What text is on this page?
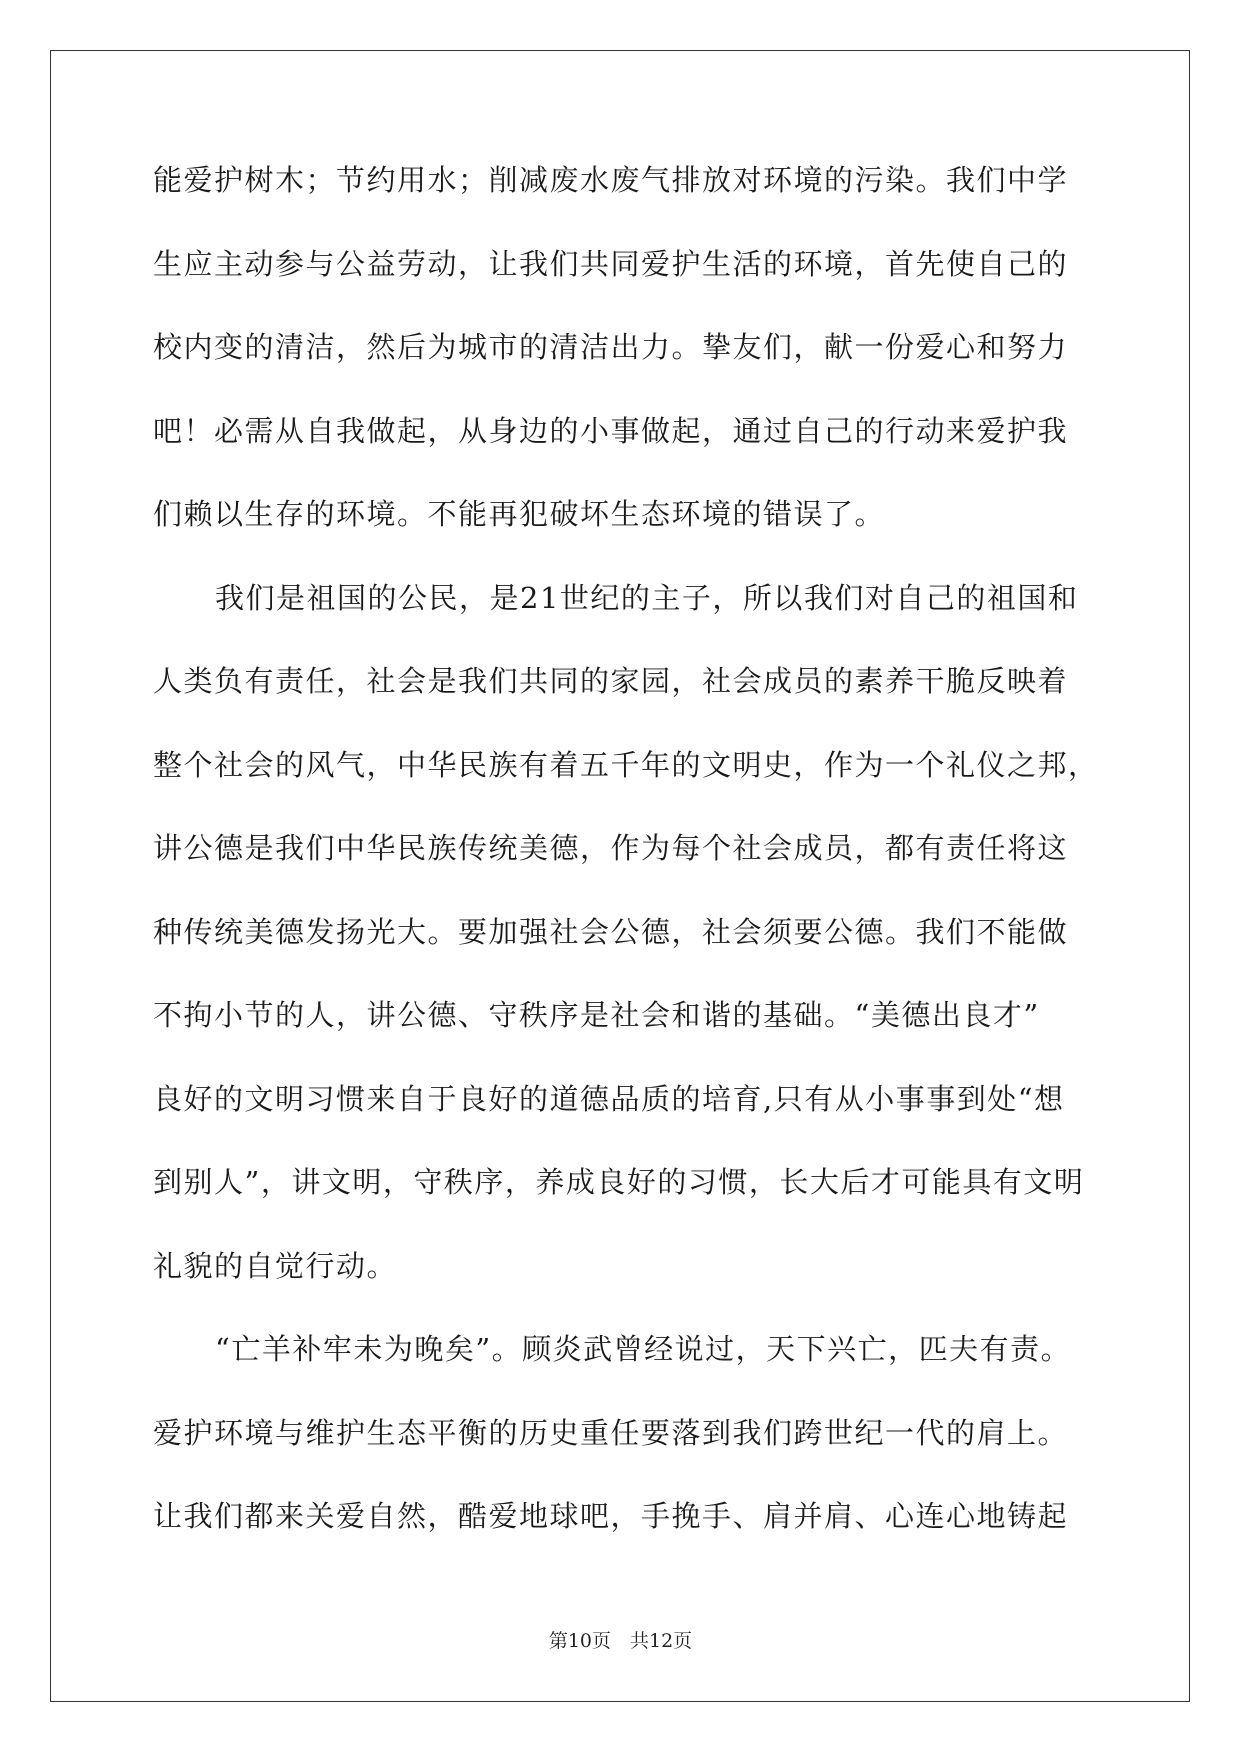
能爱护树木；节约用水；削减废水废气排放对环境的污染。我们中学
生应主动参与公益劳动，让我们共同爱护生活的环境，首先使自己的
校内变的清洁，然后为城市的清洁出力。挚友们，献一份爱心和努力
吧！必需从自我做起，从身边的小事做起，通过自己的行动来爱护我
们赖以生存的环境。不能再犯破坏生态环境的错误了。
我们是祖国的公民，是21世纪的主子，所以我们对自己的祖国和
人类负有责任，社会是我们共同的家园，社会成员的素养干脆反映着
整个社会的风气，中华民族有着五千年的文明史，作为一个礼仪之邦，
讲公德是我们中华民族传统美德，作为每个社会成员，都有责任将这
种传统美德发扬光大。要加强社会公德，社会须要公德。我们不能做
不拘小节的人，讲公德、守秩序是社会和谐的基础。“美德出良才”
良好的文明习惯来自于良好的道德品质的培育,只有从小事事到处“想
到别人”，讲文明，守秩序，养成良好的习惯，长大后才可能具有文明
礼貌的自觉行动。
“亡羊补牢未为晚矣”。顾炎武曾经说过，天下兴亡，匹夫有责。
爱护环境与维护生态平衡的历史重任要落到我们跨世纪一代的肩上。
让我们都来关爱自然，酷爱地球吧，手挽手、肩并肩、心连心地铸起
第10页　共12页
